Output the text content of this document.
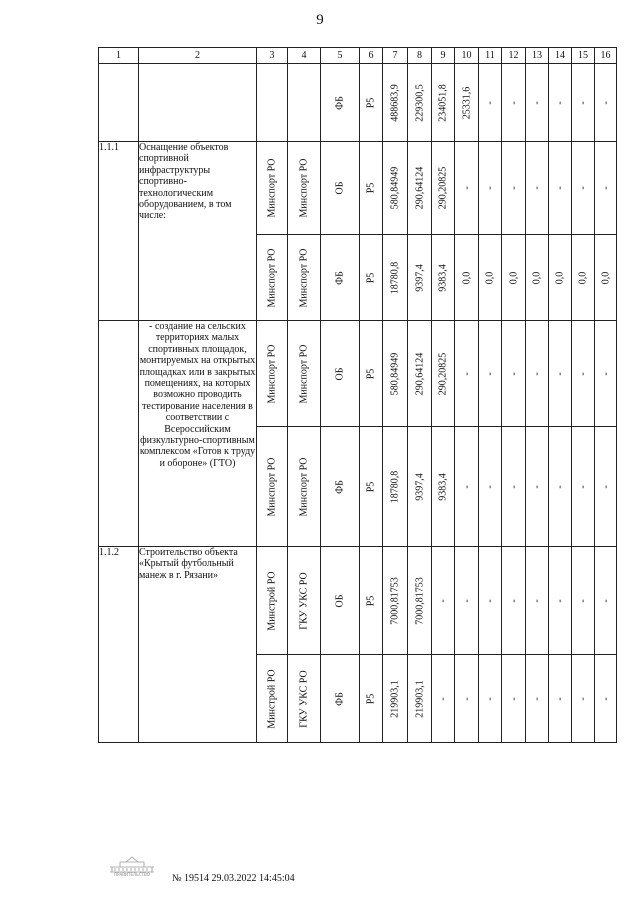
9
1	2	3	4	5	6	7	8	9	10	11	12	13	14	15	16

				ФБ	Р5	488683,9	229300,5	234051,8	25331,6	-	-	-	-	-	-

1.1.1	Оснащение объектов спортивной инфраструктуры спортивно-технологическим оборудованием, в том числе:	Минспорт РО	Минспорт РО	ОБ	Р5	580,84949	290,64124	290,20825	-	-	-	-	-	-	-

		Минспорт РО	Минспорт РО	ФБ	Р5	18780,8	9397,4	9383,4	0,0	0,0	0,0	0,0	0,0	0,0	0,0

	- создание на сельских территориях малых спортивных площадок, монтируемых на открытых площадках или в закрытых помещениях, на которых возможно проводить тестирование населения в соответствии с Всероссийским физкультурно-спортивным комплексом «Готов к труду и обороне» (ГТО)	Минспорт РО	Минспорт РО	ОБ	Р5	580,84949	290,64124	290,20825	-	-	-	-	-	-	-

		Минспорт РО	Минспорт РО	ФБ	Р5	18780,8	9397,4	9383,4	-	-	-	-	-	-	-

1.1.2	Строительство объекта «Крытый футбольный манеж в г. Рязани»	Минстрой РО	ГКУ УКС РО	ОБ	Р5	7000,81753	7000,81753	-	-	-	-	-	-	-	-

		Минстрой РО	ГКУ УКС РО	ФБ	Р5	219903,1	219903,1	-	-	-	-	-	-	-	-
ПРАВИТЕЛЬСТВО № 19514 29.03.2022 14:45:04
